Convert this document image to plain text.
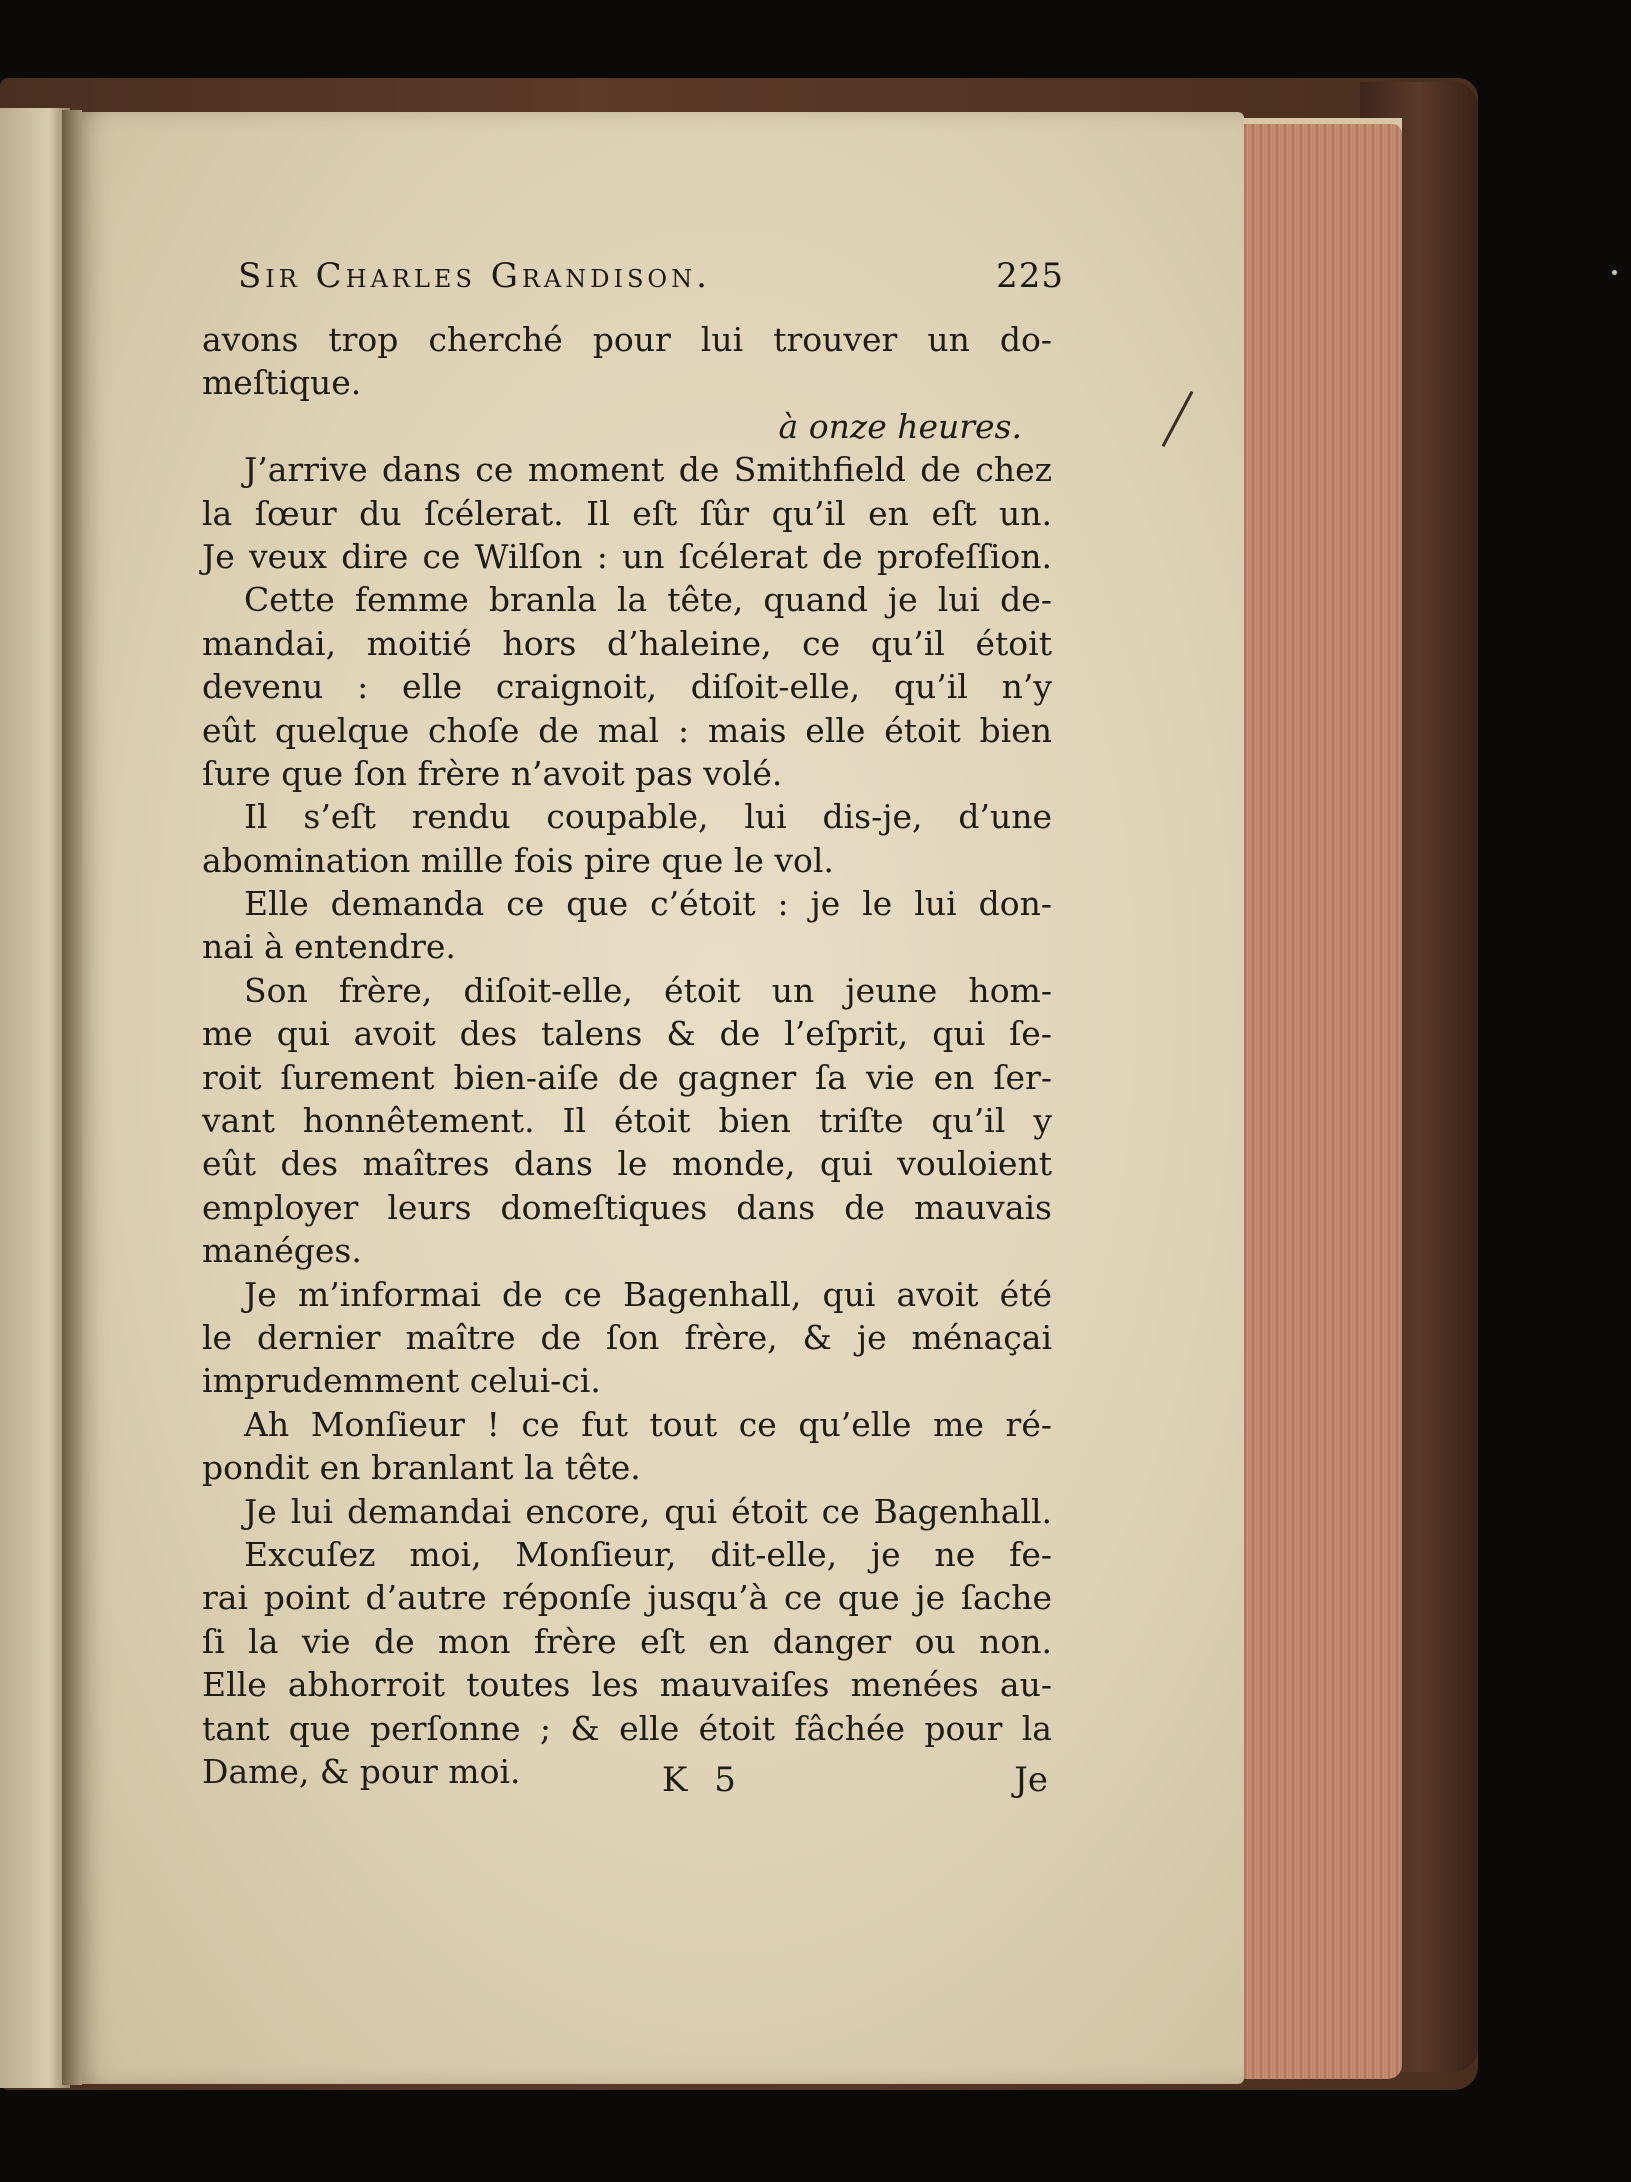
Sir Charles Grandison.	225
avons trop cherché pour lui trouver un do-
meſtique.
à onze heures.
J’arrive dans ce moment de Smithfield de chez
la ſœur du ſcélerat. Il eſt ſûr qu’il en eſt un.
Je veux dire ce Wilſon : un ſcélerat de profeſſion.
Cette femme branla la tête, quand je lui de-
mandai, moitié hors d’haleine, ce qu’il étoit
devenu : elle craignoit, diſoit-elle, qu’il n’y
eût quelque choſe de mal : mais elle étoit bien
ſure que ſon frère n’avoit pas volé.
Il s’eſt rendu coupable, lui dis-je, d’une
abomination mille fois pire que le vol.
Elle demanda ce que c’étoit : je le lui don-
nai à entendre.
Son frère, diſoit-elle, étoit un jeune hom-
me qui avoit des talens & de l’eſprit, qui ſe-
roit ſurement bien-aiſe de gagner ſa vie en ſer-
vant honnêtement. Il étoit bien triſte qu’il y
eût des maîtres dans le monde, qui vouloient
employer leurs domeſtiques dans de mauvais
manéges.
Je m’informai de ce Bagenhall, qui avoit été
le dernier maître de ſon frère, & je ménaçai
imprudemment celui-ci.
Ah Monſieur ! ce fut tout ce qu’elle me ré-
pondit en branlant la tête.
Je lui demandai encore, qui étoit ce Bagenhall.
Excuſez moi, Monſieur, dit-elle, je ne fe-
rai point d’autre réponſe jusqu’à ce que je ſache
ſi la vie de mon frère eſt en danger ou non.
Elle abhorroit toutes les mauvaiſes menées au-
tant que perſonne ; & elle étoit fâchée pour la
Dame, & pour moi.	K 5	Je
